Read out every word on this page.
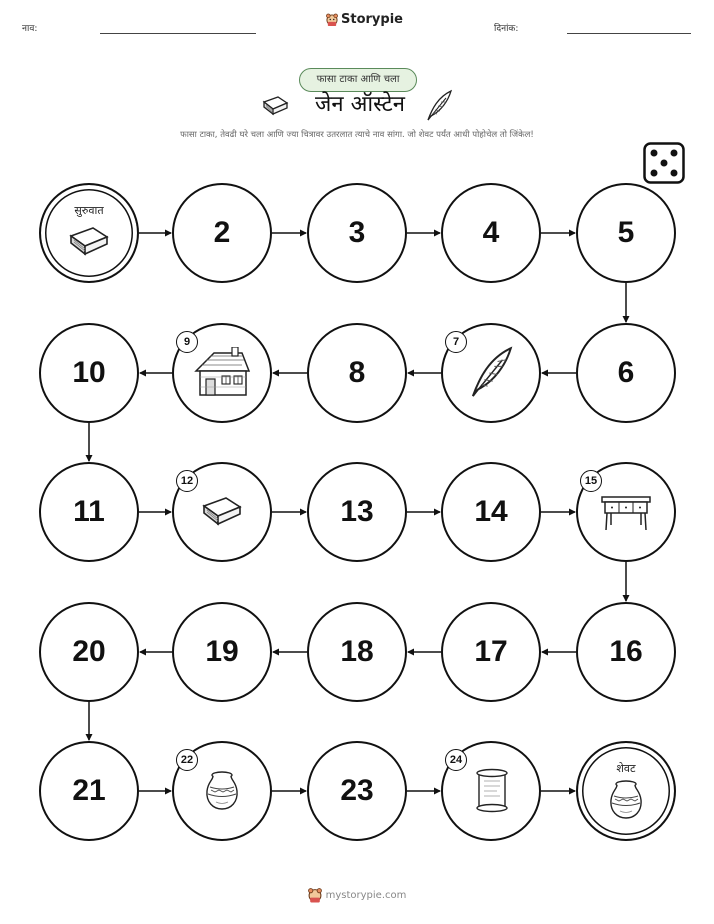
नाव:
Storypie
दिनांक:
फासा टाका आणि चला
जेन ऑस्टेन
फासा टाका, तेवढी घरे चला आणि ज्या चित्रावर उतरलात त्याचे नाव सांगा. जो शेवट पर्यंत आधी पोहोचेल तो जिंकेल!
सुरुवात
2	3	4	5
6
7
8
9
10
11
12
13	14
15
16
17
18
19
20
21
22
23
24
शेवट
mystorypie.com
